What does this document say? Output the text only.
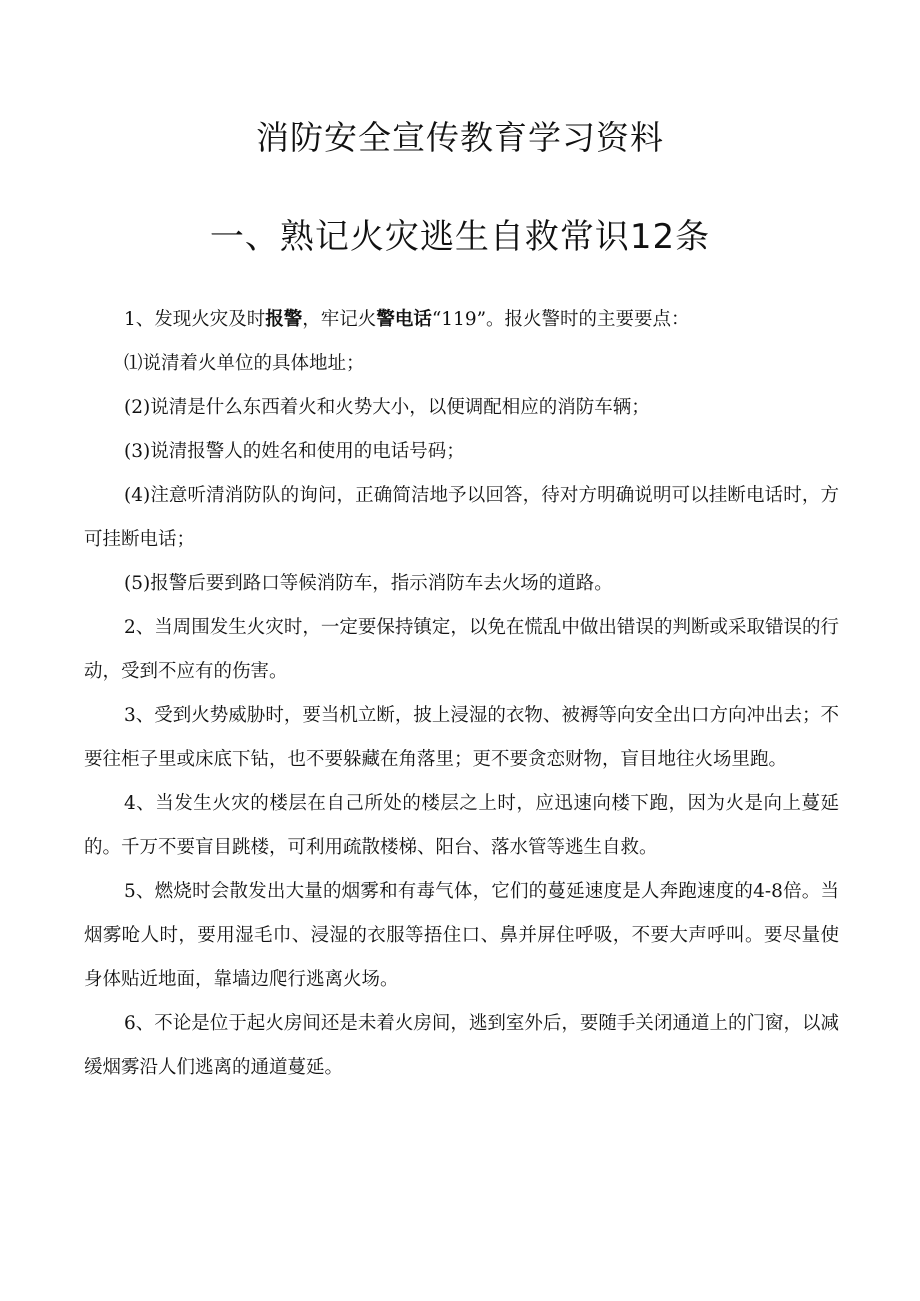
消防安全宣传教育学习资料
一、熟记火灾逃生自救常识12条

1、发现火灾及时报警，牢记火警电话“119”。报火警时的主要要点：

⑴说清着火单位的具体地址；

(2)说清是什么东西着火和火势大小，以便调配相应的消防车辆；

(3)说清报警人的姓名和使用的电话号码；

(4)注意听清消防队的询问，正确简洁地予以回答，待对方明确说明可以挂断电话时，方可挂断电话；

(5)报警后要到路口等候消防车，指示消防车去火场的道路。

2、当周围发生火灾时，一定要保持镇定，以免在慌乱中做出错误的判断或采取错误的行动，受到不应有的伤害。

3、受到火势威胁时，要当机立断，披上浸湿的衣物、被褥等向安全出口方向冲出去；不要往柜子里或床底下钻，也不要躲藏在角落里；更不要贪恋财物，盲目地往火场里跑。

4、当发生火灾的楼层在自己所处的楼层之上时，应迅速向楼下跑，因为火是向上蔓延的。千万不要盲目跳楼，可利用疏散楼梯、阳台、落水管等逃生自救。

5、燃烧时会散发出大量的烟雾和有毒气体，它们的蔓延速度是人奔跑速度的4-8倍。当烟雾呛人时，要用湿毛巾、浸湿的衣服等捂住口、鼻并屏住呼吸，不要大声呼叫。要尽量使身体贴近地面，靠墙边爬行逃离火场。

6、不论是位于起火房间还是未着火房间，逃到室外后，要随手关闭通道上的门窗，以减缓烟雾沿人们逃离的通道蔓延。
